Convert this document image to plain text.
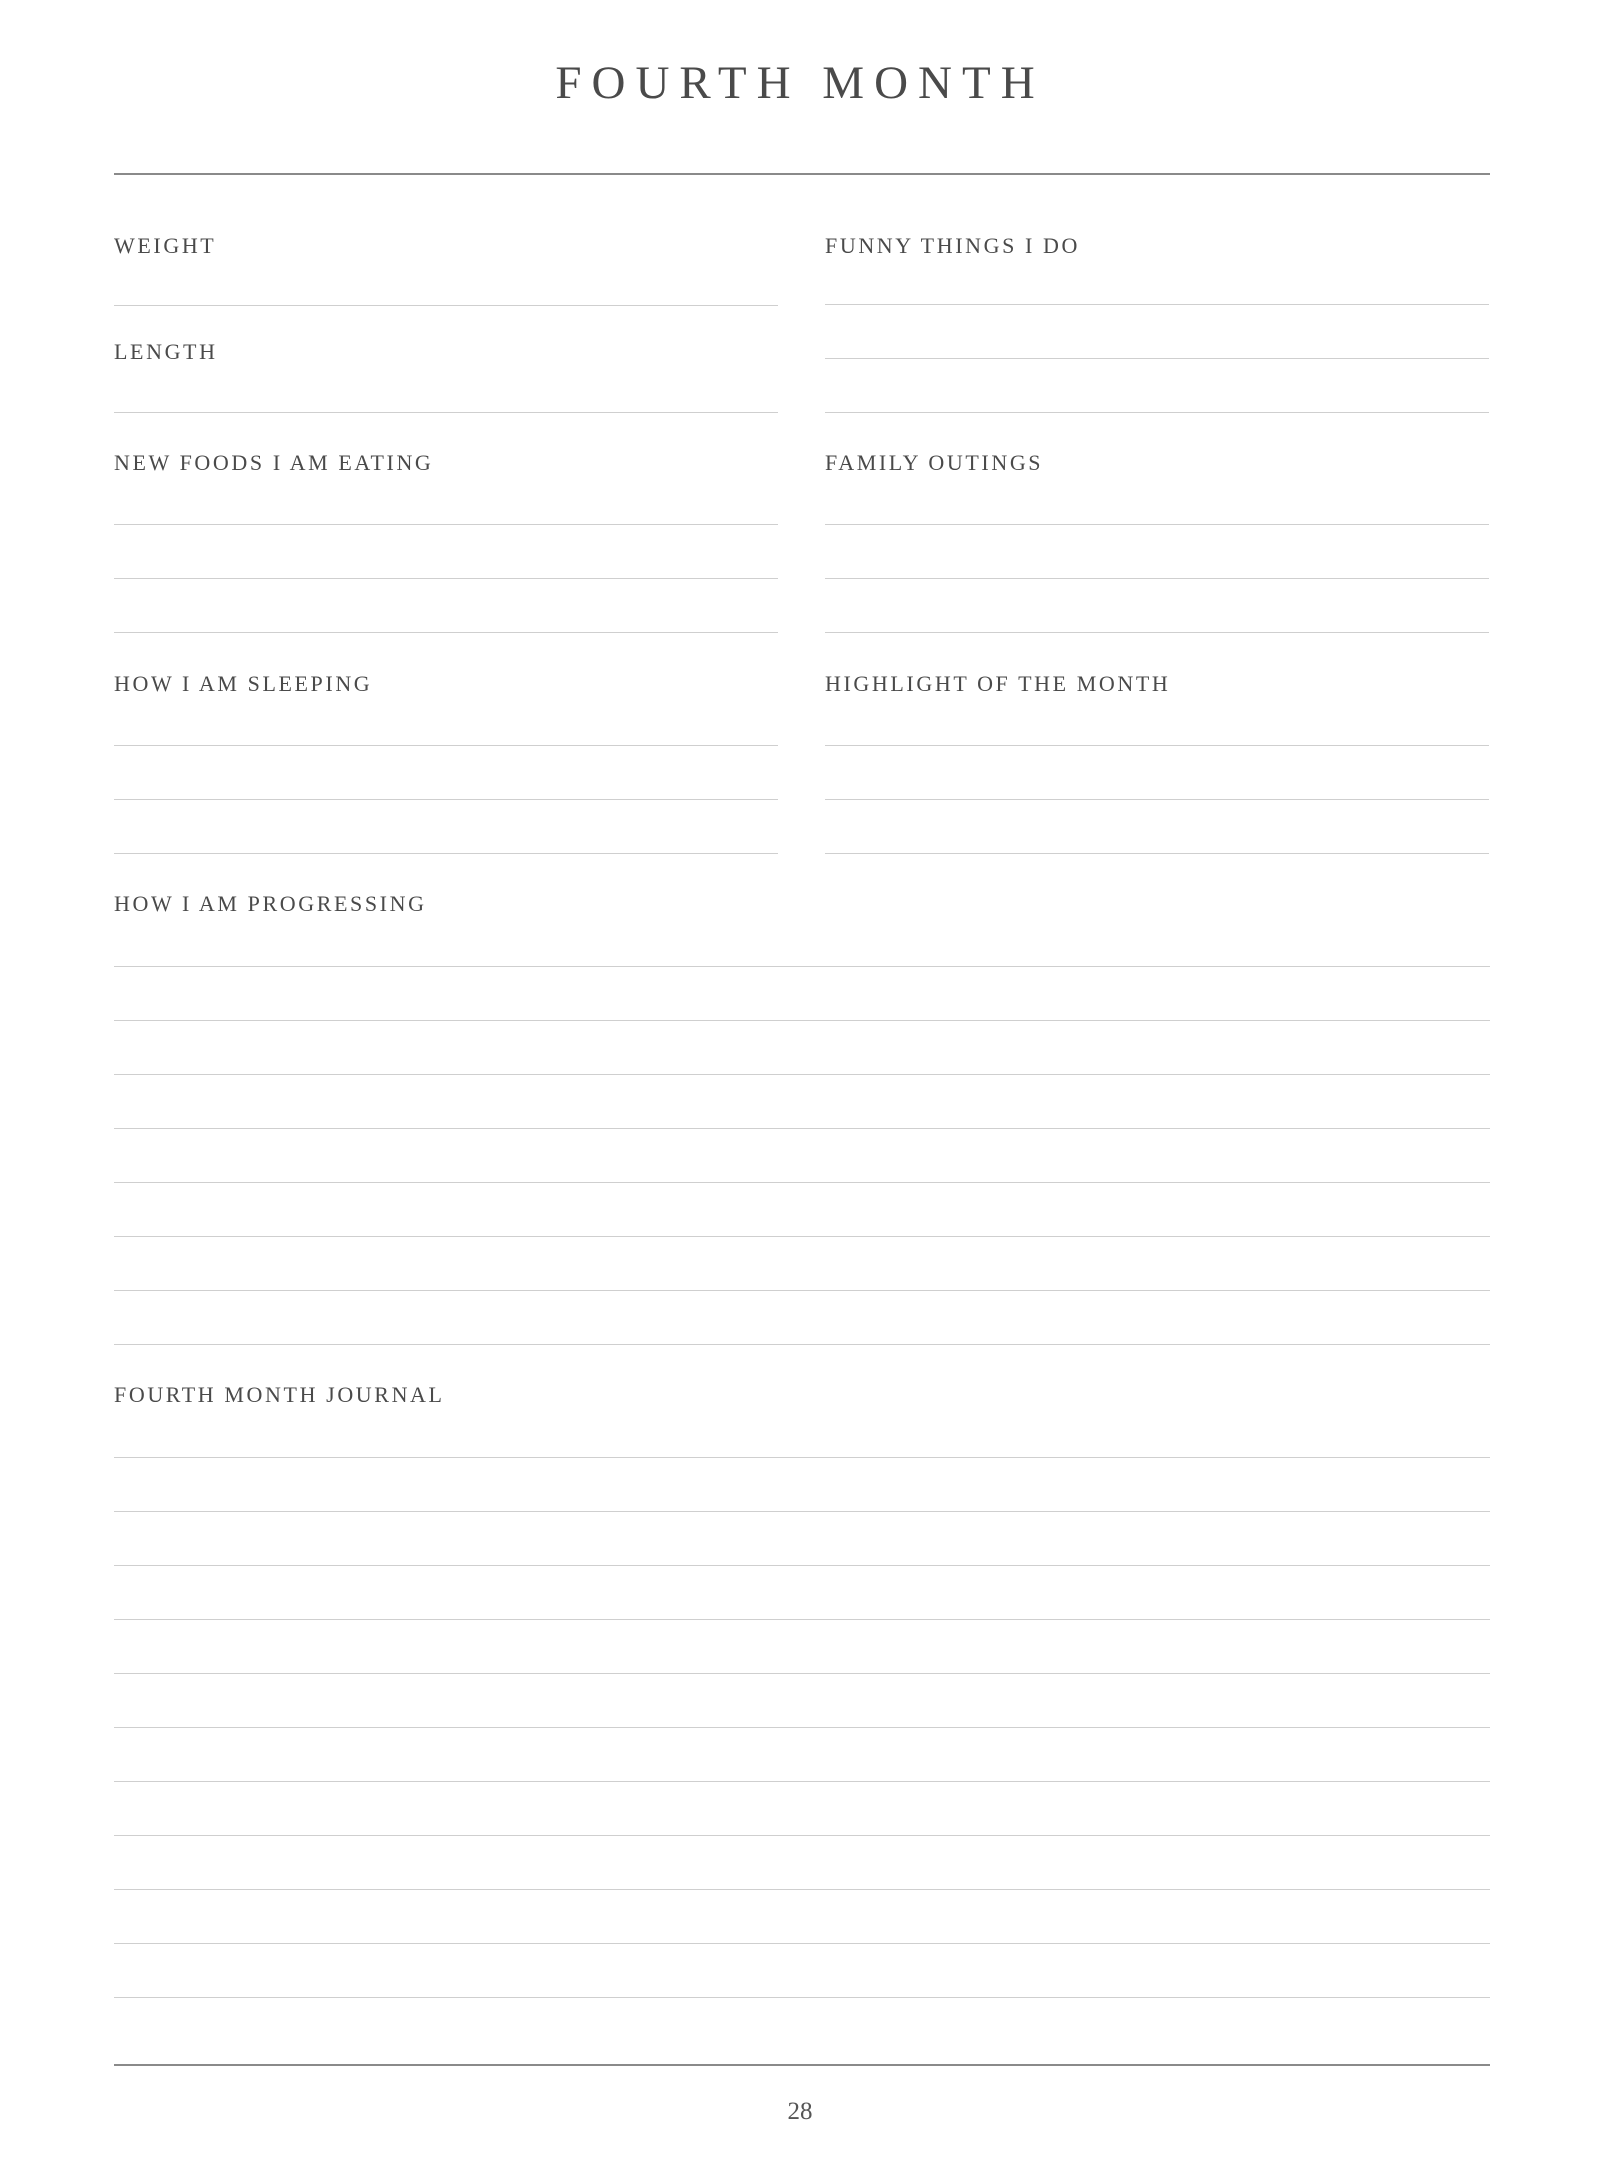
FOURTH MONTH
WEIGHT
LENGTH
NEW FOODS I AM EATING
HOW I AM SLEEPING
FUNNY THINGS I DO
FAMILY OUTINGS
HIGHLIGHT OF THE MONTH
HOW I AM PROGRESSING
FOURTH MONTH JOURNAL
28
